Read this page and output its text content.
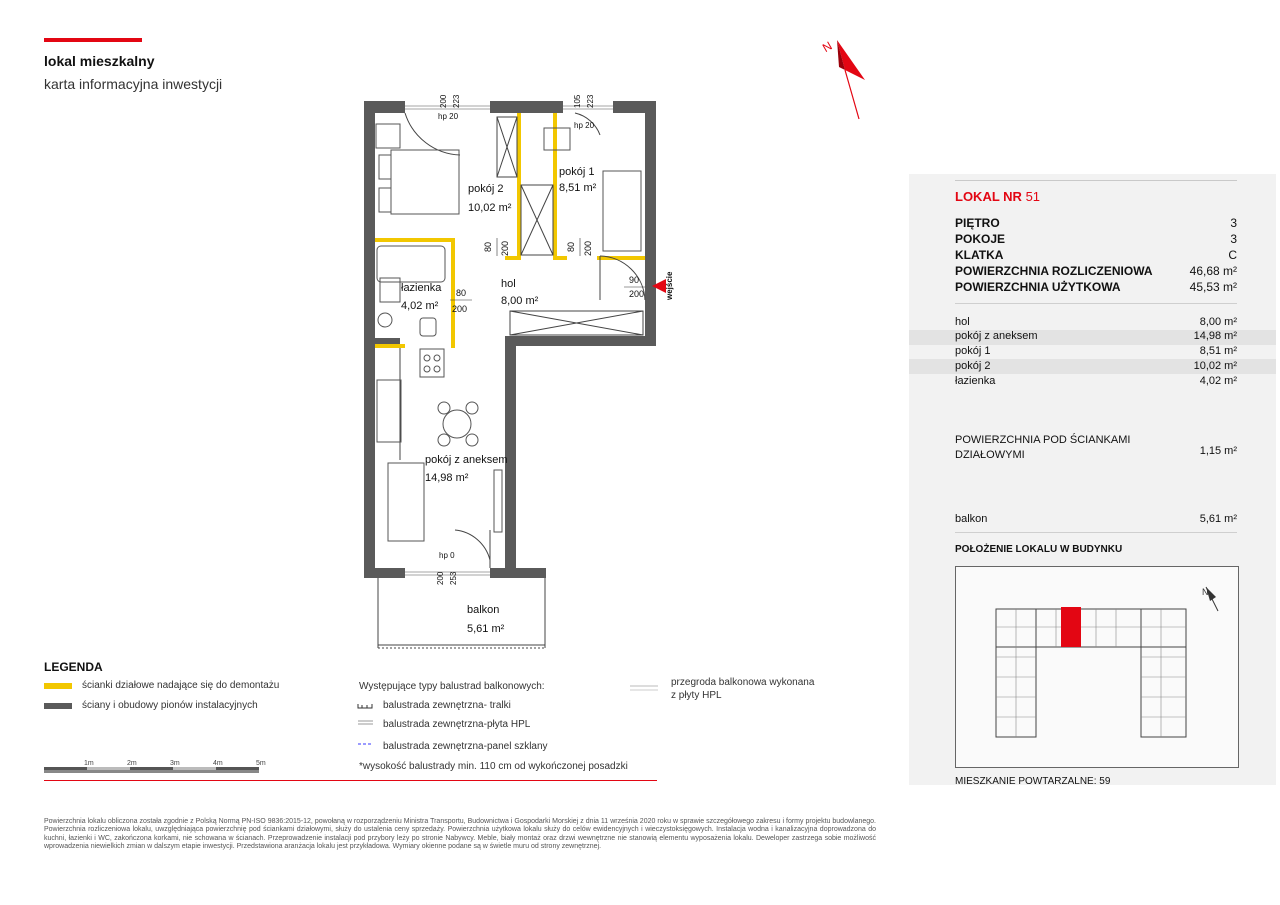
lokal mieszkalny
karta informacyjna inwestycji
N
wejście
pokój 2
10,02 m²
pokój 1
8,51 m²
łazienka
4,02 m²
hol
8,00 m²
pokój z aneksem
14,98 m²
balkon
5,61 m²
200 223
hp 20
105 223
hp 20
200 253
hp 0
80 200	80 200
80
200
90
200
LOKAL NR 51
PIĘTRO	3
POKOJE	3
KLATKA	C
POWIERZCHNIA ROZLICZENIOWA	46,68 m²
POWIERZCHNIA UŻYTKOWA	45,53 m²
hol	8,00 m²
pokój z aneksem	14,98 m²
pokój 1	8,51 m²
pokój 2	10,02 m²
łazienka	4,02 m²
POWIERZCHNIA POD ŚCIANKAMI
DZIAŁOWYMI	1,15 m²
balkon	5,61 m²
POŁOŻENIE LOKALU W BUDYNKU
N
MIESZKANIE POWTARZALNE: 59
LEGENDA
ścianki działowe nadające się do demontażu
ściany i obudowy pionów instalacyjnych
Występujące typy balustrad balkonowych:
balustrada zewnętrzna- tralki
balustrada zewnętrzna-płyta HPL
balustrada zewnętrzna-panel szklany
*wysokość balustrady min. 110 cm od wykończonej posadzki
przegroda balkonowa wykonana
z płyty HPL
1m	2m	3m	4m	5m
Powierzchnia lokalu obliczona została zgodnie z Polską Normą PN-ISO 9836:2015-12, powołaną w rozporządzeniu Ministra Transportu, Budownictwa i Gospodarki Morskiej z dnia 11 września 2020 roku w sprawie szczegółowego zakresu i formy projektu budowlanego. Powierzchnia rozliczeniowa lokalu, uwzględniająca powierzchnię pod ściankami działowymi, służy do ustalenia ceny sprzedaży. Powierzchnia użytkowa lokalu służy do celów ewidencyjnych i wieczystoksięgowych. Instalacja wodna i kanalizacyjna doprowadzona do kuchni, łazienki i WC, zakończona korkami, nie schowana w ścianach. Przeprowadzenie instalacji pod przybory leży po stronie Nabywcy. Meble, biały montaż oraz drzwi wewnętrzne nie stanowią elementu wyposażenia lokalu. Deweloper zastrzega sobie możliwość wprowadzenia niewielkich zmian w dalszym etapie inwestycji. Przedstawiona aranżacja lokalu jest przykładowa. Wymiary okienne podane są w świetle muru od strony zewnętrznej.
